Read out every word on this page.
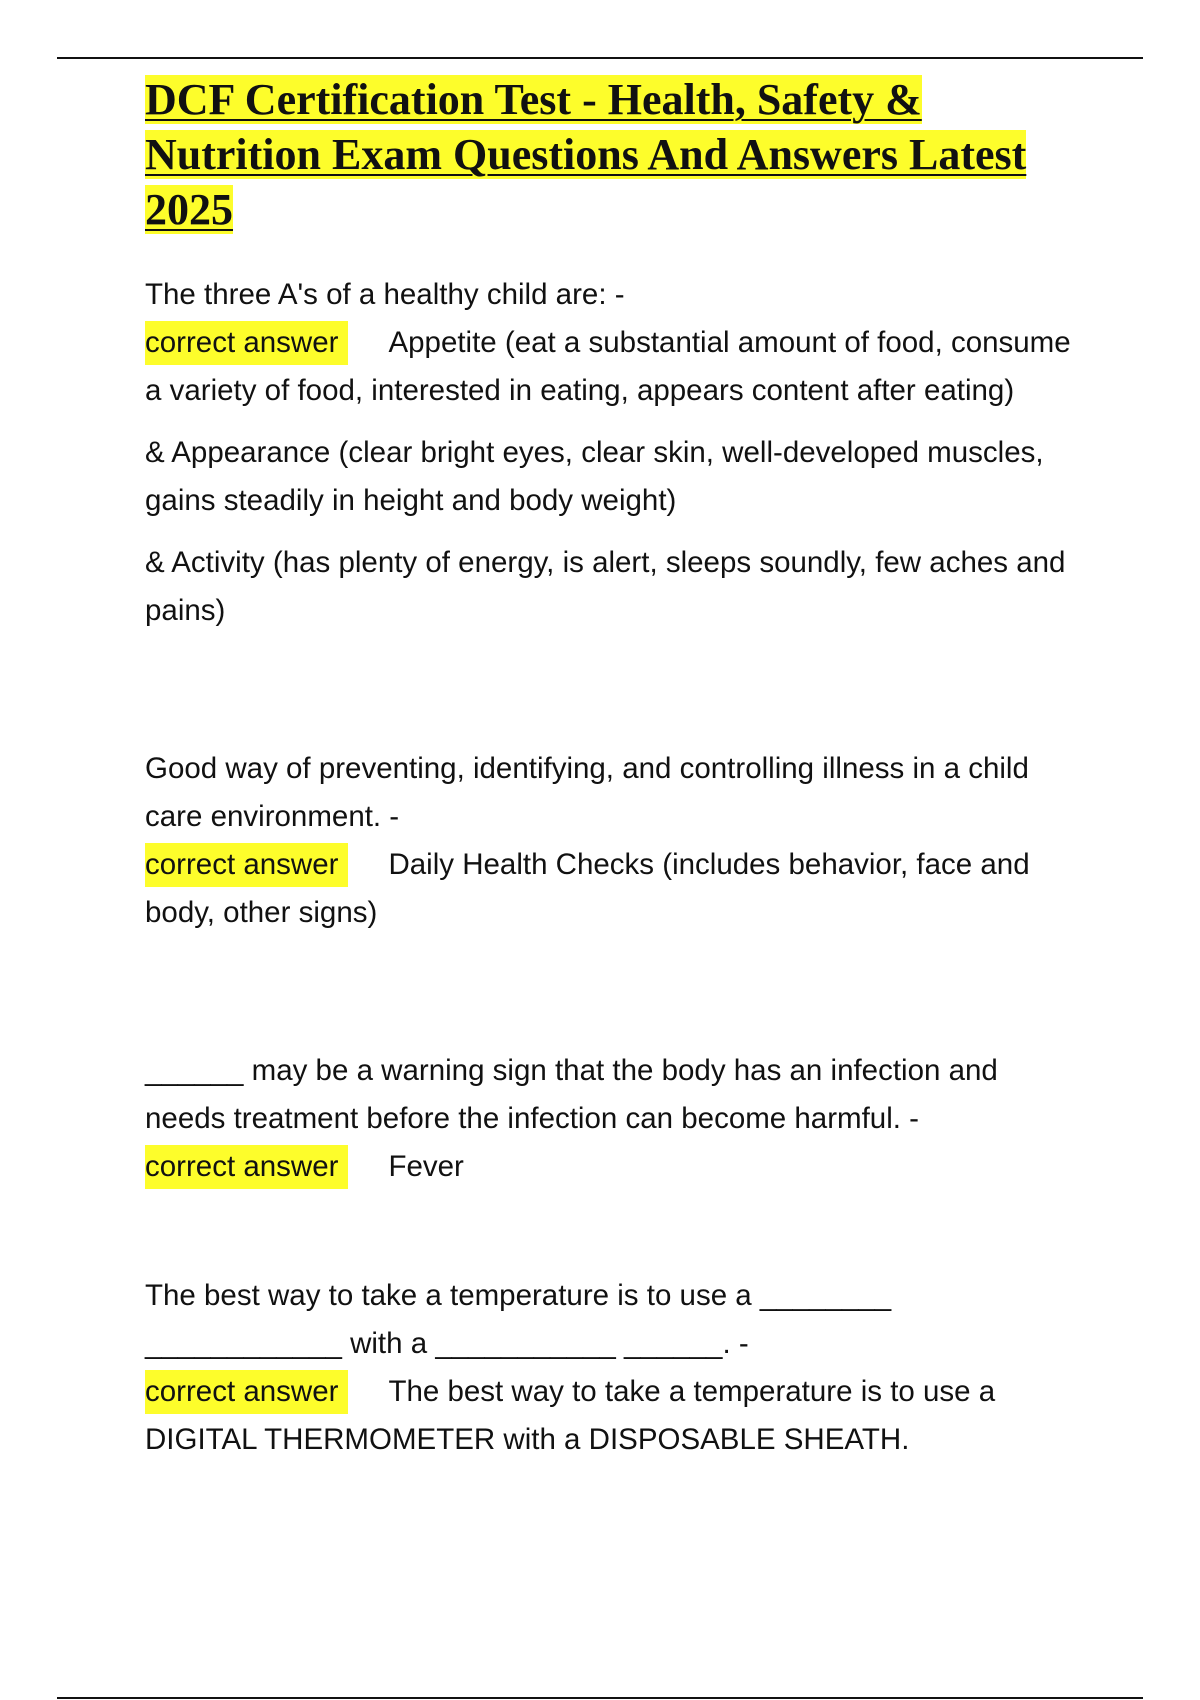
DCF Certification Test - Health, Safety & Nutrition Exam Questions And Answers Latest 2025

The three A's of a healthy child are: -

correct answer Appetite (eat a substantial amount of food, consume a variety of food, interested in eating, appears content after eating)

& Appearance (clear bright eyes, clear skin, well-developed muscles, gains steadily in height and body weight)

& Activity (has plenty of energy, is alert, sleeps soundly, few aches and pains)

Good way of preventing, identifying, and controlling illness in a child care environment. -

correct answer Daily Health Checks (includes behavior, face and body, other signs)

______ may be a warning sign that the body has an infection and needs treatment before the infection can become harmful. -

correct answer Fever

The best way to take a temperature is to use a ________ ____________ with a ___________ ______. -

correct answer The best way to take a temperature is to use a DIGITAL THERMOMETER with a DISPOSABLE SHEATH.
